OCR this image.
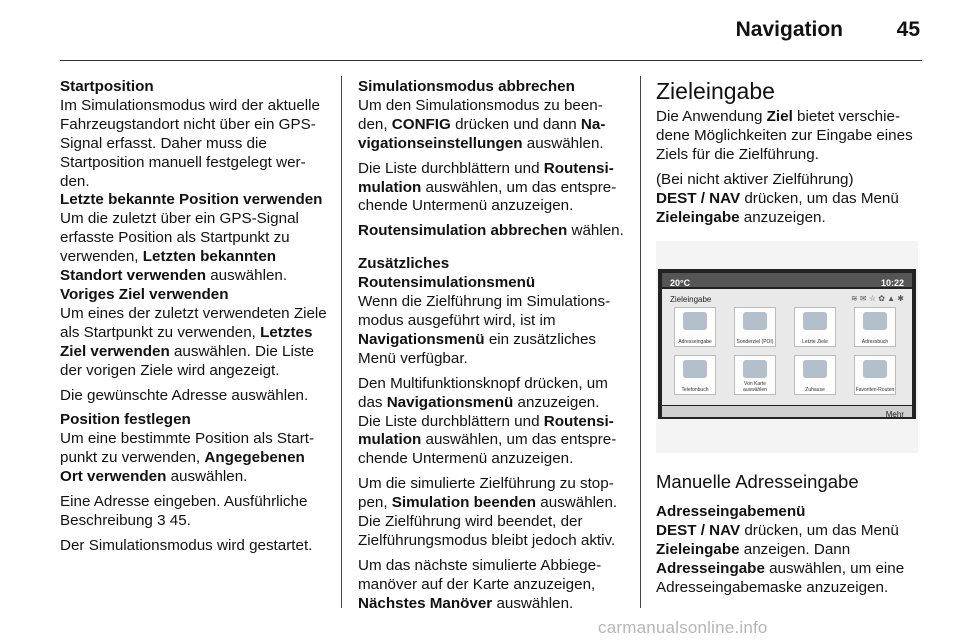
Navigation	45
Startposition
Im Simulationsmodus wird der aktuelle Fahrzeugstandort nicht über ein GPS-Signal erfasst. Daher muss die Startposition manuell festgelegt werden.
Letzte bekannte Position verwenden
Um die zuletzt über ein GPS-Signal erfasste Position als Startpunkt zu verwenden, Letzten bekannten Standort verwenden auswählen.
Voriges Ziel verwenden
Um eines der zuletzt verwendeten Ziele als Startpunkt zu verwenden, Letztes Ziel verwenden auswählen. Die Liste der vorigen Ziele wird angezeigt.
Die gewünschte Adresse auswählen.
Position festlegen
Um eine bestimmte Position als Startpunkt zu verwenden, Angegebenen Ort verwenden auswählen.
Eine Adresse eingeben. Ausführliche Beschreibung 3 45.
Der Simulationsmodus wird gestartet.
Simulationsmodus abbrechen
Um den Simulationsmodus zu beenden, CONFIG drücken und dann Navigationseinstellungen auswählen.
Die Liste durchblättern und Routensimulation auswählen, um das entsprechende Untermenü anzuzeigen.
Routensimulation abbrechen wählen.
Zusätzliches
Routensimulationsmenü
Wenn die Zielführung im Simulationsmodus ausgeführt wird, ist im Navigationsmenü ein zusätzliches Menü verfügbar.
Den Multifunktionsknopf drücken, um das Navigationsmenü anzuzeigen. Die Liste durchblättern und Routensimulation auswählen, um das entsprechende Untermenü anzuzeigen.
Um die simulierte Zielführung zu stoppen, Simulation beenden auswählen. Die Zielführung wird beendet, der Zielführungsmodus bleibt jedoch aktiv.
Um das nächste simulierte Abbiegemanöver auf der Karte anzuzeigen, Nächstes Manöver auswählen.
Zieleingabe
Die Anwendung Ziel bietet verschiedene Möglichkeiten zur Eingabe eines Ziels für die Zielführung.
(Bei nicht aktiver Zielführung)
DEST / NAV drücken, um das Menü Zieleingabe anzuzeigen.
20°C	10:22
Zieleingabe	≋ ✉ ☆ ✿ ▲ ✱
Adresseingabe	Sonderziel (POI)	Letzte Ziele	Adressbuch
Telefonbuch
Von Karte auswählen	Zuhause	Favoriten-Routen
Mehr
Manuelle Adresseingabe
Adresseingabemenü
DEST / NAV drücken, um das Menü Zieleingabe anzeigen. Dann Adresseingabe auswählen, um eine Adresseingabemaske anzuzeigen.
carmanualsonline.info
